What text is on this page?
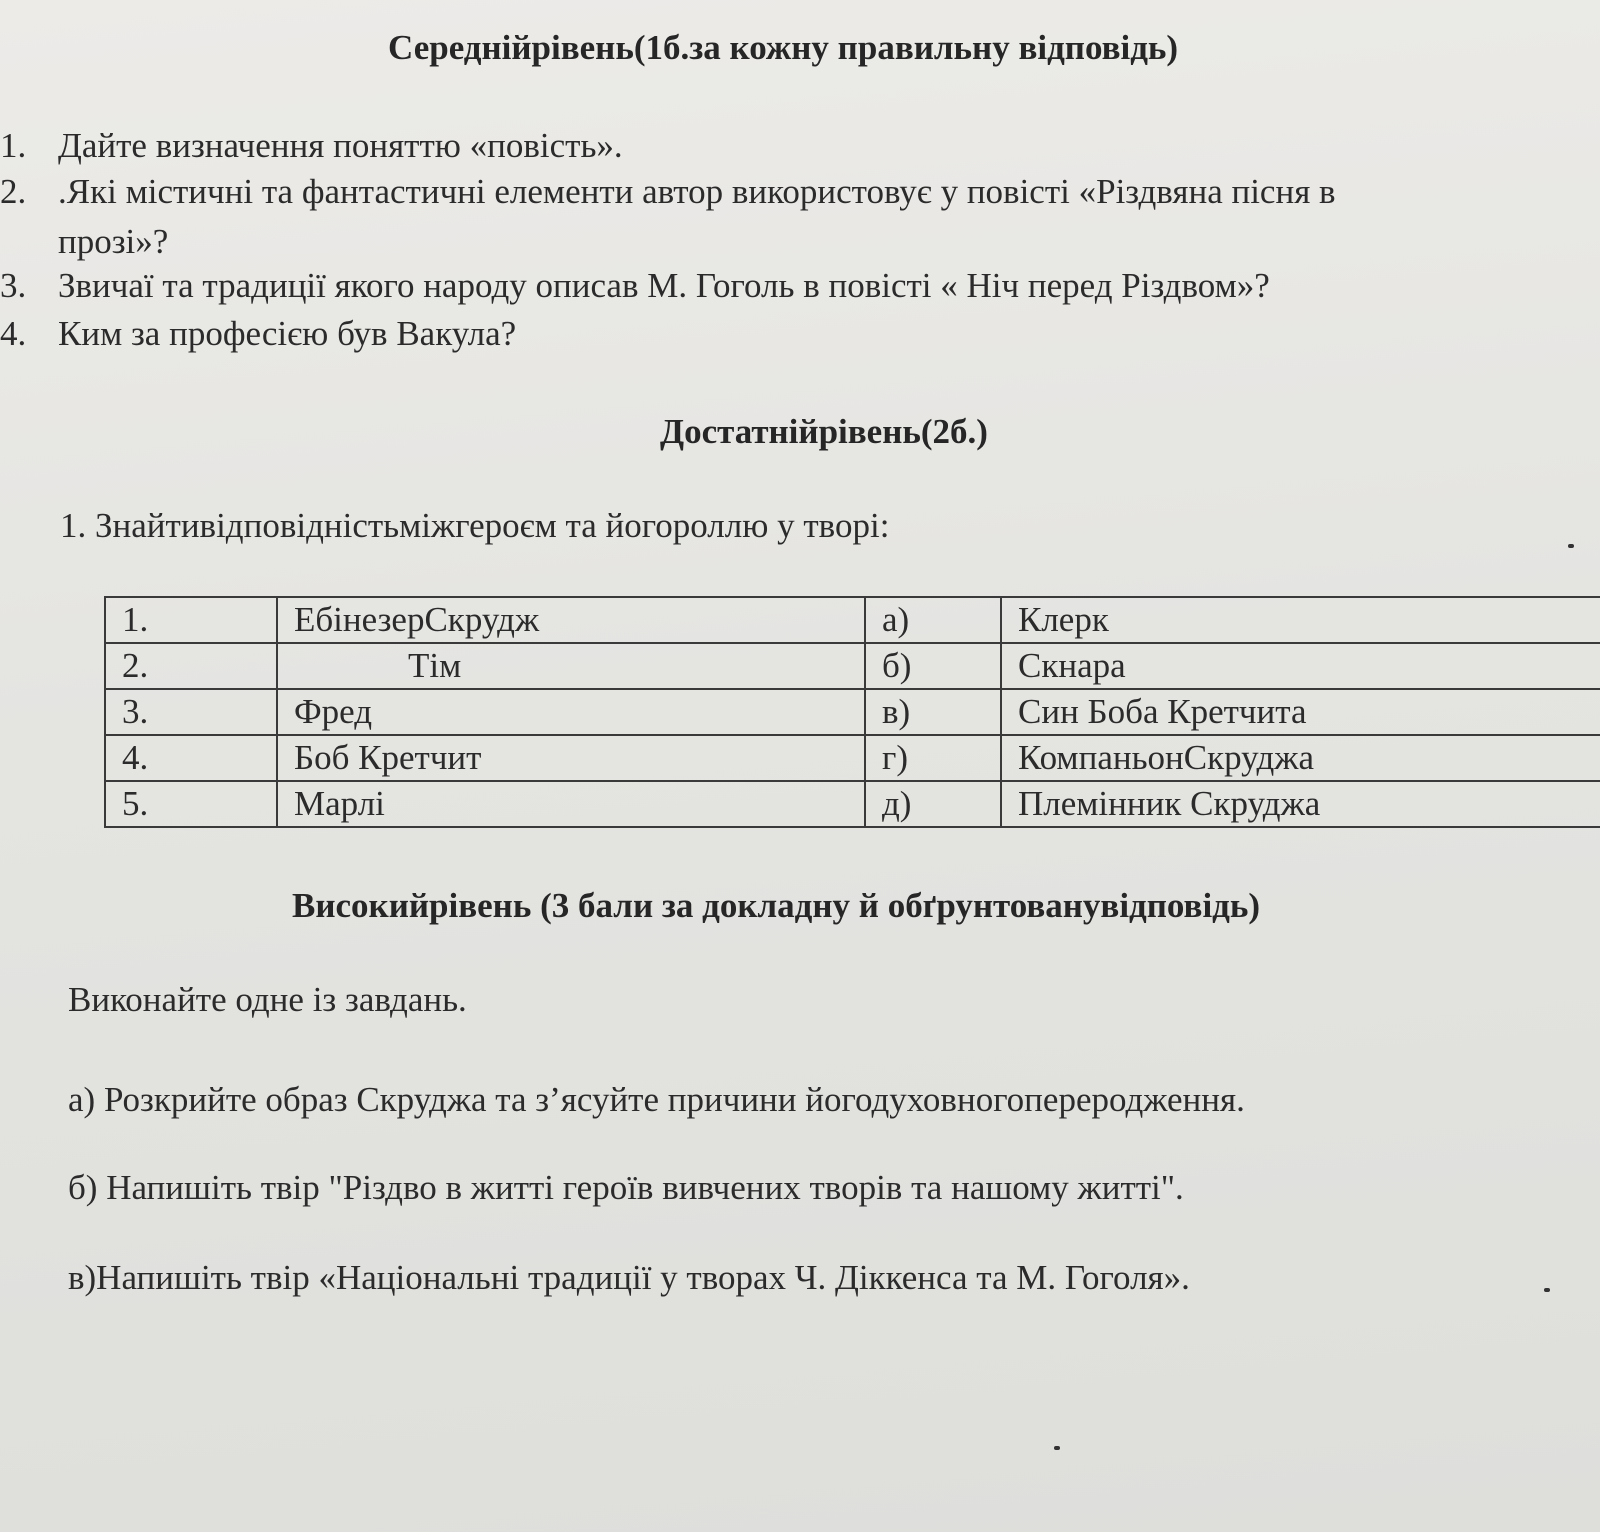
Середнійрівень(1б.за кожну правильну відповідь)
1. Дайте визначення поняттю «повість».
2. .Які містичні та фантастичні елементи автор використовує у повісті «Різдвяна пісня в
прозі»?
3. Звичаї та традиції якого народу описав М. Гоголь в повісті « Ніч перед Різдвом»?
4. Ким за професією був Вакула?
Достатнійрівень(2б.)
1. Знайтивідповідністьміжгероєм та йогороллю у творі:
1.	ЕбінезерСкрудж	а)	Клерк
2.	Тім	б)	Скнара
3.	Фред	в)	Син Боба Кретчита
4.	Боб Кретчит	г)	КомпаньонСкруджа
5.	Марлі	д)	Племінник Скруджа
Високийрівень (3 бали за докладну й обґрунтованувідповідь)
Виконайте одне із завдань.
а) Розкрийте образ Скруджа та з’ясуйте причини йогодуховногопереродження.
б) Напишіть твір "Різдво в житті героїв вивчених творів та нашому житті".
в)Напишіть твір «Національні традиції у творах Ч. Діккенса та М. Гоголя».
